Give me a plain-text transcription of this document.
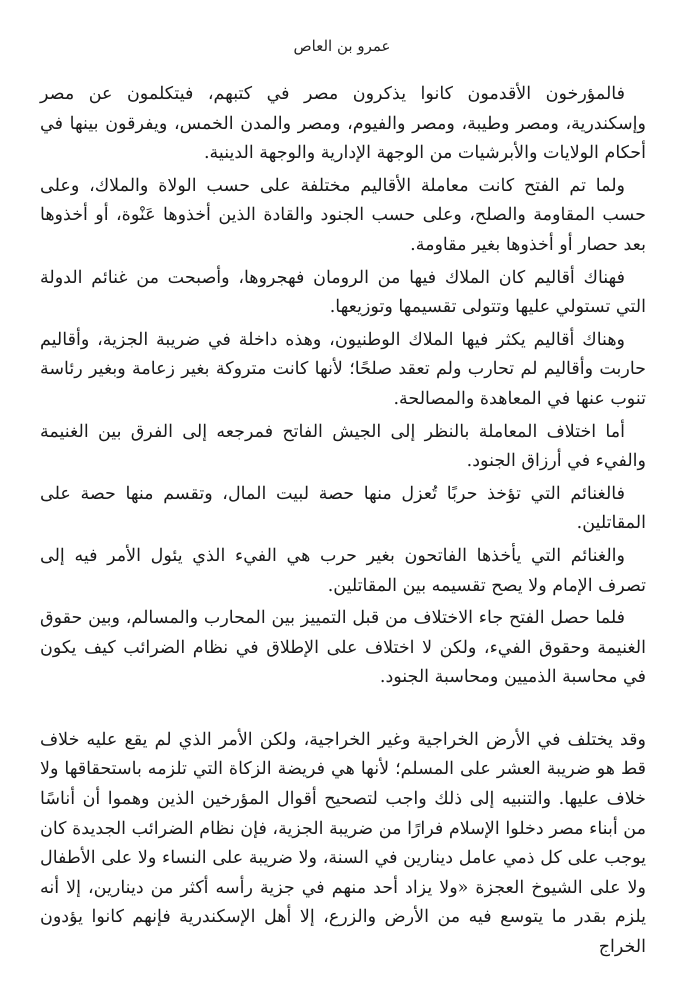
عمرو بن العاص

فالمؤرخون الأقدمون كانوا يذكرون مصر في كتبهم، فيتكلمون عن مصر وإسكندرية، ومصر وطيبة، ومصر والفيوم، ومصر والمدن الخمس، ويفرقون بينها في أحكام الولايات والأبرشيات من الوجهة الإدارية والوجهة الدينية.

ولما تم الفتح كانت معاملة الأقاليم مختلفة على حسب الولاة والملاك، وعلى حسب المقاومة والصلح، وعلى حسب الجنود والقادة الذين أخذوها عَنْوة، أو أخذوها بعد حصار أو أخذوها بغير مقاومة.

فهناك أقاليم كان الملاك فيها من الرومان فهجروها، وأصبحت من غنائم الدولة التي تستولي عليها وتتولى تقسيمها وتوزيعها.

وهناك أقاليم يكثر فيها الملاك الوطنيون، وهذه داخلة في ضريبة الجزية، وأقاليم حاربت وأقاليم لم تحارب ولم تعقد صلحًا؛ لأنها كانت متروكة بغير زعامة وبغير رئاسة تنوب عنها في المعاهدة والمصالحة.

أما اختلاف المعاملة بالنظر إلى الجيش الفاتح فمرجعه إلى الفرق بين الغنيمة والفيء في أرزاق الجنود.

فالغنائم التي تؤخذ حربًا تُعزل منها حصة لبيت المال، وتقسم منها حصة على المقاتلين.

والغنائم التي يأخذها الفاتحون بغير حرب هي الفيء الذي يئول الأمر فيه إلى تصرف الإمام ولا يصح تقسيمه بين المقاتلين.

فلما حصل الفتح جاء الاختلاف من قبل التمييز بين المحارب والمسالم، وبين حقوق الغنيمة وحقوق الفيء، ولكن لا اختلاف على الإطلاق في نظام الضرائب كيف يكون في محاسبة الذميين ومحاسبة الجنود.

وقد يختلف في الأرض الخراجية وغير الخراجية، ولكن الأمر الذي لم يقع عليه خلاف قط هو ضريبة العشر على المسلم؛ لأنها هي فريضة الزكاة التي تلزمه باستحقاقها ولا خلاف عليها. والتنبيه إلى ذلك واجب لتصحيح أقوال المؤرخين الذين وهموا أن أناسًا من أبناء مصر دخلوا الإسلام فرارًا من ضريبة الجزية، فإن نظام الضرائب الجديدة كان يوجب على كل ذمي عامل دينارين في السنة، ولا ضريبة على النساء ولا على الأطفال ولا على الشيوخ العجزة «ولا يزاد أحد منهم في جزية رأسه أكثر من دينارين، إلا أنه يلزم بقدر ما يتوسع فيه من الأرض والزرع، إلا أهل الإسكندرية فإنهم كانوا يؤدون الخراج
